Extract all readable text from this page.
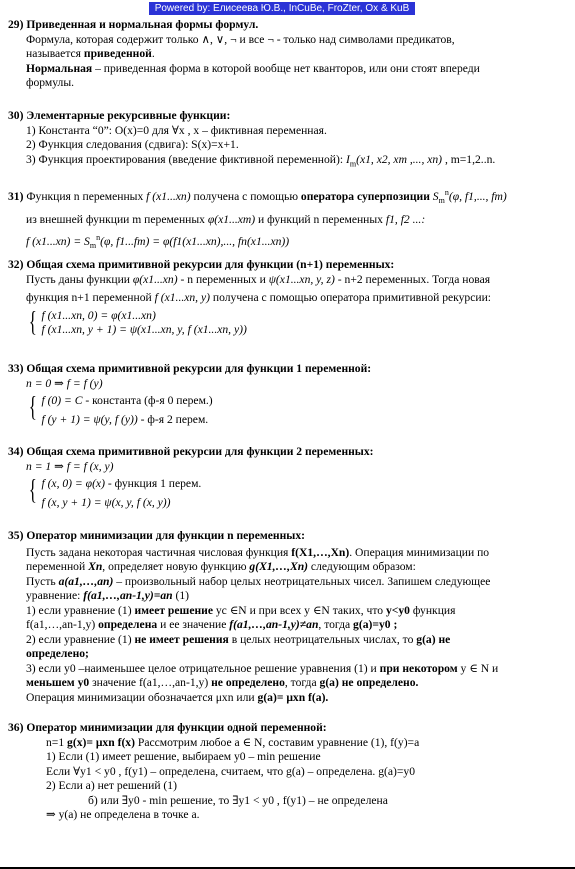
Powered by: Елисеева Ю.В., InCuBe, FroZter, Ox & KuB

29) Приведенная и нормальная формы формул.

Формула, которая содержит только ∧, ∨, ¬ и все ¬ - только над символами предикатов,

называется приведенной.

Нормальная – приведенная форма в которой вообще нет кванторов, или они стоят впереди

формулы.

30) Элементарные рекурсивные функции:

1) Константа “0”: O(x)=0 для ∀x , x – фиктивная переменная.

2) Функция следования (сдвига): S(x)=x+1.

3) Функция проектирования (введение фиктивной переменной): $I_m(x1$, x2, xm ,..., xn) , m=1,2..n.

31) Функция n переменных f (x1...xn) получена с помощью оператора суперпозиции $S_m^n(\varphi$, f1,..., fm)

из внешней функции m переменных φ(x1...xm) и функций n переменных f1, f2 ...:

f $(x1...xn) = S_m^n(\varphi$, f1...fm) = φ(f1(x1...xn),..., fn(x1...xn))

32) Общая схема примитивной рекурсии для функции (n+1) переменных:

Пусть даны функции φ(x1...xn) - n переменных и ψ(x1...xn, y, z) - n+2 переменных. Тогда новая

функция n+1 переменной f (x1...xn, y) получена с помощью оператора примитивной рекурсии:

{ f (x1...xn, 0) = φ(x1...xn)
f (x1...xn, y + 1) = ψ(x1...xn, y, f (x1...xn, y))

33) Общая схема примитивной рекурсии для функции 1 переменной:

n = 0 ⇒ f = f (y)

{ f (0) = C - константа (ф-я 0 перем.)
f (y + 1) = ψ(y, f (y)) - ф-я 2 перем.

34) Общая схема примитивной рекурсии для функции 2 переменных:

n = 1 ⇒ f = f (x, y)

{ f (x, 0) = φ(x) - функция 1 перем.
f (x, y + 1) = ψ(x, y, f (x, y))

35) Оператор минимизации для функции n переменных:

Пусть задана некоторая частичная числовая функция f(X1,…,Xn). Операция минимизации по

переменной Xn, определяет новую функцию g(X1,…,Xn) следующим образом:

Пусть a(a1,…,an) – произвольный набор целых неотрицательных чисел. Запишем следующее

уравнение: f(a1,…,an-1,y)=an (1)

1) если уравнение (1) имеет решение yc ∈N и при всех y ∈N таких, что y<y0 функция

f(a1,…,an-1,y) определена и ее значение f(a1,…,an-1,y)≠an, тогда g(a)=y0 ;

2) если уравнение (1) не имеет решения в целых неотрицательных числах, то g(a) не

определено;

3) если y0 –наименьшее целое отрицательное решение уравнения (1) и при некотором y ∈ N и

меньшем y0 значение f(a1,…,an-1,y) не определено, тогда g(a) не определено.

Операция минимизации обозначается μxn или g(a)= μxn f(a).

36) Оператор минимизации для функции одной переменной:

n=1 g(x)= μxn f(x) Рассмотрим любое a ∈ N, составим уравнение (1), f(y)=a

1) Если (1) имеет решение, выбираем y0 – min решение

Если ∀y1 < y0 , f(y1) – определена, считаем, что g(a) – определена. g(a)=y0

2) Если a) нет решений (1)

б) или ∃y0 - min решение, то ∃y1 < y0 , f(y1) – не определена

⇒ y(a) не определена в точке a.
